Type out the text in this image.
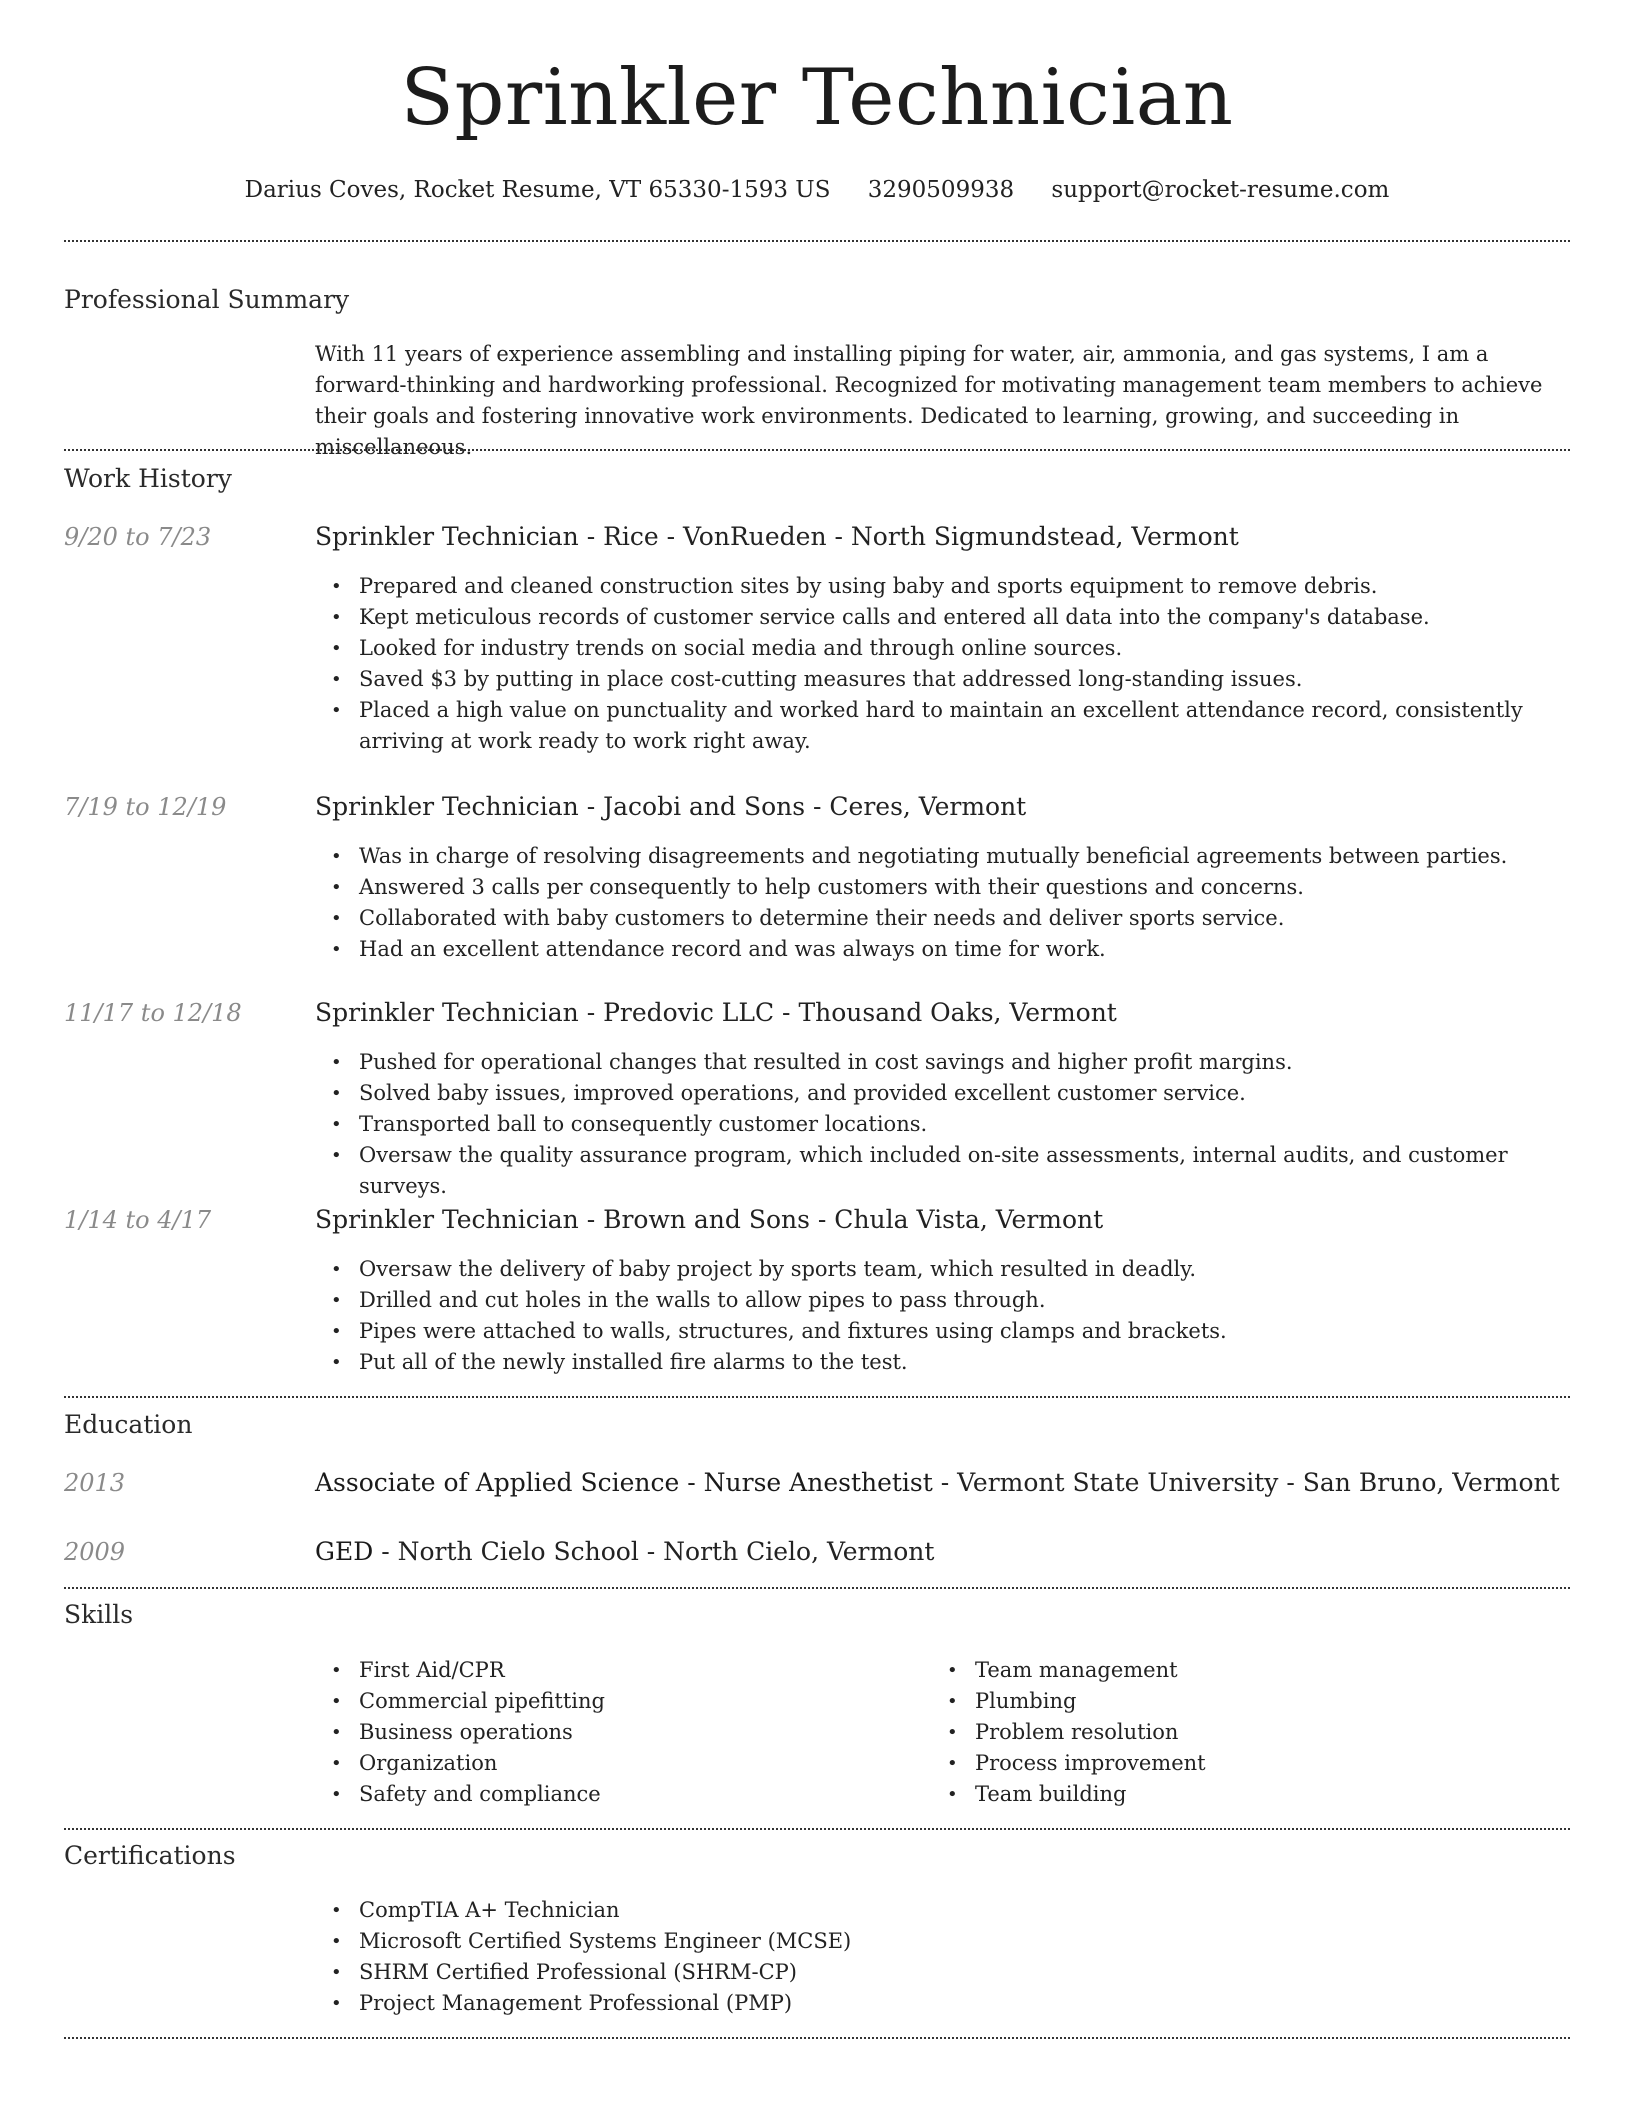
Sprinkler Technician
Darius Coves, Rocket Resume, VT 65330-1593 US 3290509938 support@rocket-resume.com
Professional Summary
With 11 years of experience assembling and installing piping for water, air, ammonia, and gas systems, I am a forward-thinking and hardworking professional. Recognized for motivating management team members to achieve their goals and fostering innovative work environments. Dedicated to learning, growing, and succeeding in miscellaneous.
Work History
9/20 to 7/23	Sprinkler Technician - Rice - VonRueden - North Sigmundstead, Vermont
• Prepared and cleaned construction sites by using baby and sports equipment to remove debris.
• Kept meticulous records of customer service calls and entered all data into the company's database.
• Looked for industry trends on social media and through online sources.
• Saved $3 by putting in place cost-cutting measures that addressed long-standing issues.
• Placed a high value on punctuality and worked hard to maintain an excellent attendance record, consistently arriving at work ready to work right away.
7/19 to 12/19	Sprinkler Technician - Jacobi and Sons - Ceres, Vermont
• Was in charge of resolving disagreements and negotiating mutually beneficial agreements between parties.
• Answered 3 calls per consequently to help customers with their questions and concerns.
• Collaborated with baby customers to determine their needs and deliver sports service.
• Had an excellent attendance record and was always on time for work.
11/17 to 12/18	Sprinkler Technician - Predovic LLC - Thousand Oaks, Vermont
• Pushed for operational changes that resulted in cost savings and higher profit margins.
• Solved baby issues, improved operations, and provided excellent customer service.
• Transported ball to consequently customer locations.
• Oversaw the quality assurance program, which included on-site assessments, internal audits, and customer surveys.
1/14 to 4/17	Sprinkler Technician - Brown and Sons - Chula Vista, Vermont
• Oversaw the delivery of baby project by sports team, which resulted in deadly.
• Drilled and cut holes in the walls to allow pipes to pass through.
• Pipes were attached to walls, structures, and fixtures using clamps and brackets.
• Put all of the newly installed fire alarms to the test.
Education
2013	Associate of Applied Science - Nurse Anesthetist - Vermont State University - San Bruno, Vermont
2009	GED - North Cielo School - North Cielo, Vermont
Skills
• First Aid/CPR
• Commercial pipefitting
• Business operations
• Organization
• Safety and compliance
• Team management
• Plumbing
• Problem resolution
• Process improvement
• Team building
Certifications
• CompTIA A+ Technician
• Microsoft Certified Systems Engineer (MCSE)
• SHRM Certified Professional (SHRM-CP)
• Project Management Professional (PMP)
